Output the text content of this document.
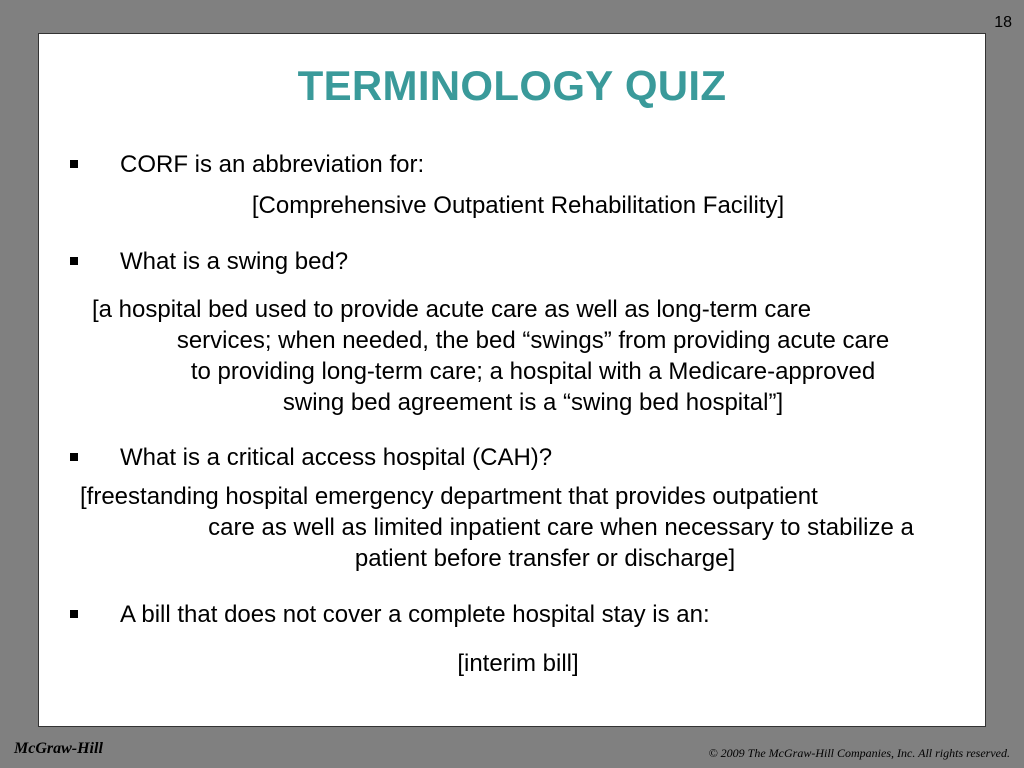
18
TERMINOLOGY QUIZ
CORF is an abbreviation for:
[Comprehensive Outpatient Rehabilitation Facility]
What is a swing bed?
[a hospital bed used to provide acute care as well as long-term care
services; when needed, the bed “swings” from providing acute care
to providing long-term care; a hospital with a Medicare-approved
swing bed agreement is a “swing bed hospital”]
What is a critical access hospital (CAH)?
[freestanding hospital emergency department that provides outpatient
care as well as limited inpatient care when necessary to stabilize a
patient before transfer or discharge]
A bill that does not cover a complete hospital stay is an:
[interim bill]
McGraw-Hill	© 2009 The McGraw-Hill Companies, Inc. All rights reserved.
